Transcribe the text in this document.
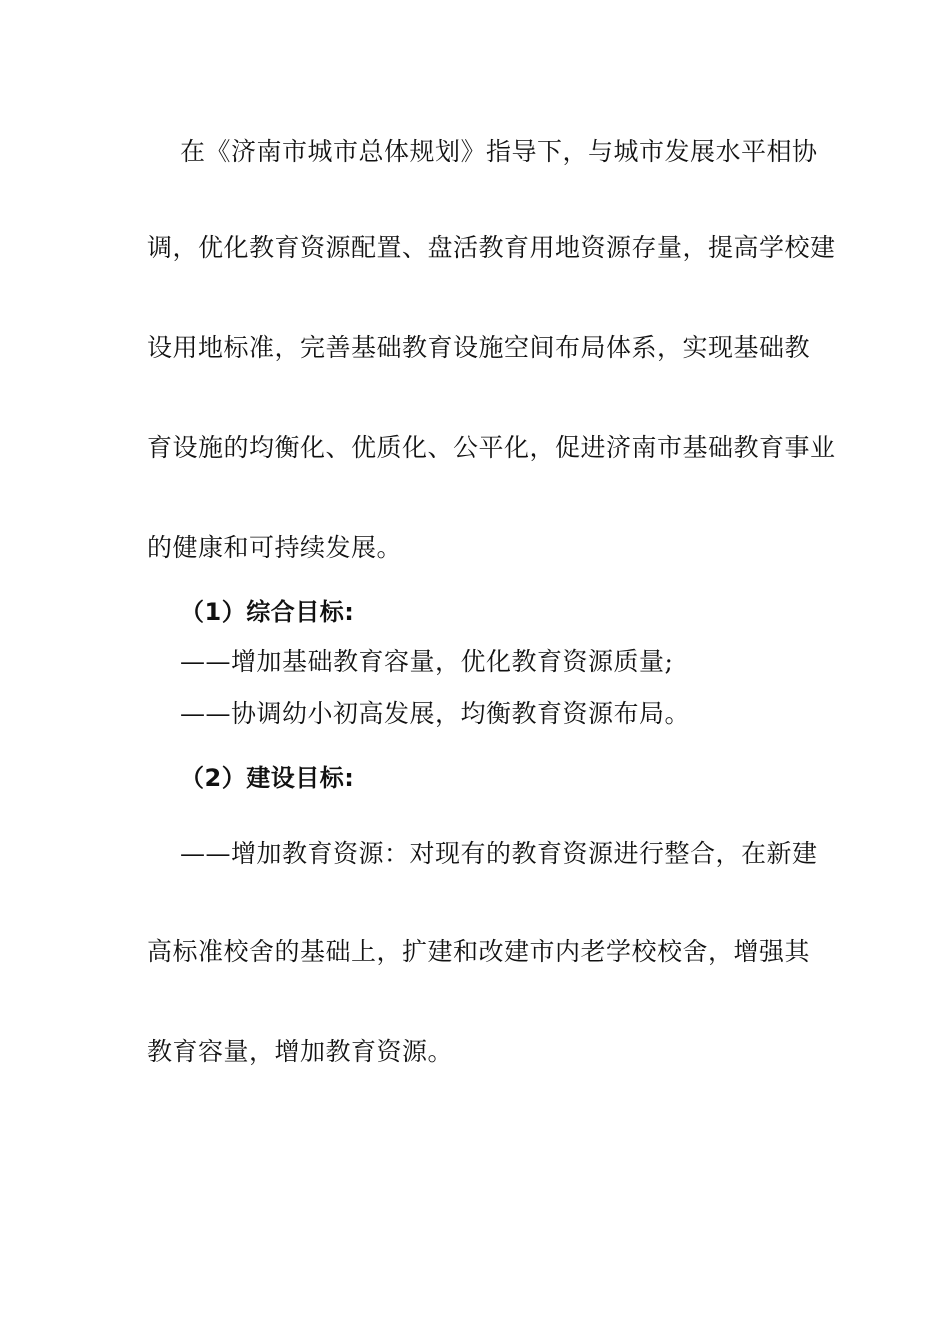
在《济南市城市总体规划》指导下，与城市发展水平相协
调，优化教育资源配置、盘活教育用地资源存量，提高学校建
设用地标准，完善基础教育设施空间布局体系，实现基础教
育设施的均衡化、优质化、公平化，促进济南市基础教育事业
的健康和可持续发展。
（1）综合目标:
——增加基础教育容量，优化教育资源质量;
——协调幼小初高发展，均衡教育资源布局。
（2）建设目标:
——增加教育资源：对现有的教育资源进行整合，在新建
高标准校舍的基础上，扩建和改建市内老学校校舍，增强其
教育容量，增加教育资源。
